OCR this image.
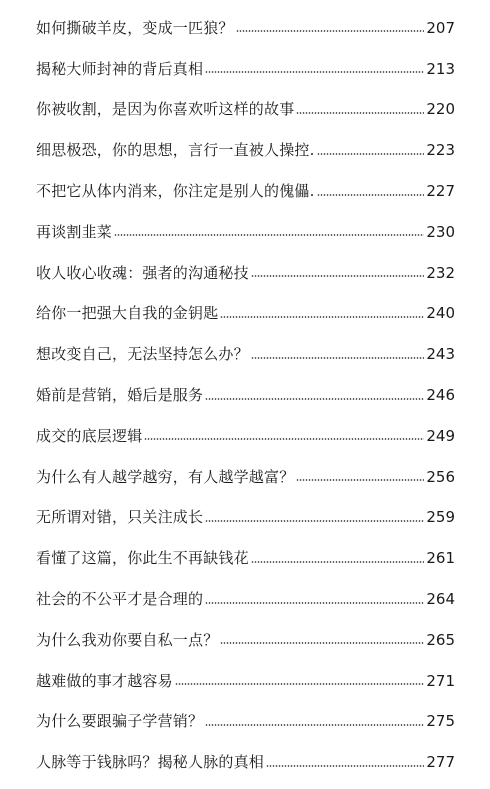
如何撕破羊皮，变成一匹狼？	207
揭秘大师封神的背后真相	213
你被收割，是因为你喜欢听这样的故事	220
细思极恐，你的思想，言行一直被人操控.	223
不把它从体内消来，你注定是别人的傀儡.	227
再谈割韭菜	230
收人收心收魂：强者的沟通秘技	232
给你一把强大自我的金钥匙	240
想改变自己，无法坚持怎么办？	243
婚前是营销，婚后是服务	246
成交的底层逻辑	249
为什么有人越学越穷，有人越学越富？	256
无所谓对错，只关注成长	259
看懂了这篇，你此生不再缺钱花	261
社会的不公平才是合理的	264
为什么我劝你要自私一点？	265
越难做的事才越容易	271
为什么要跟骗子学营销？	275
人脉等于钱脉吗？揭秘人脉的真相	277
